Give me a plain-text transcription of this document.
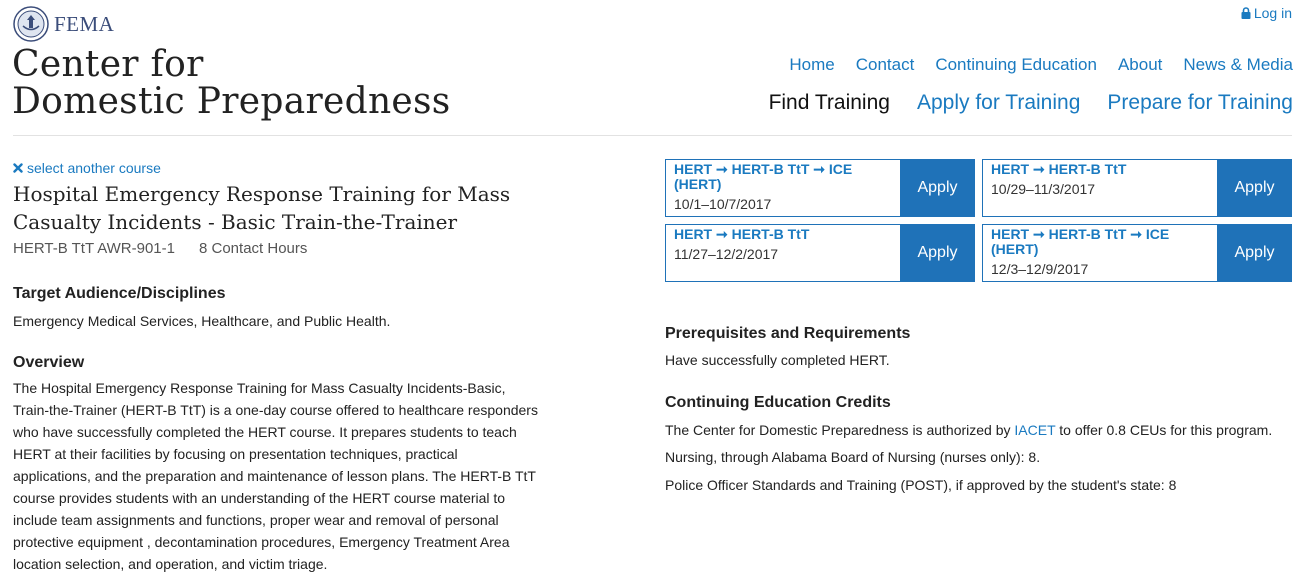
FEMA	Log in
Center for
Domestic Preparedness
Home Contact Continuing Education About News & Media
Find Training Apply for Training Prepare for Training
select another course
Hospital Emergency Response Training for Mass Casualty Incidents - Basic Train-the-Trainer
HERT-B TtT AWR-901-1 8 Contact Hours
Target Audience/Disciplines

Emergency Medical Services, Healthcare, and Public Health.

Overview

The Hospital Emergency Response Training for Mass Casualty Incidents-Basic, Train-the-Trainer (HERT-B TtT) is a one-day course offered to healthcare responders who have successfully completed the HERT course. It prepares students to teach HERT at their facilities by focusing on presentation techniques, practical applications, and the preparation and maintenance of lesson plans. The HERT-B TtT course provides students with an understanding of the HERT course material to include team assignments and functions, proper wear and removal of personal protective equipment , decontamination procedures, Emergency Treatment Area location selection, and operation, and victim triage.

HERT ➞ HERT-B TtT ➞ ICE (HERT)
10/1–10/7/2017
Apply
HERT ➞ HERT-B TtT
10/29–11/3/2017	Apply
HERT ➞ HERT-B TtT
11/27–12/2/2017	Apply
HERT ➞ HERT-B TtT ➞ ICE (HERT)
12/3–12/9/2017
Apply
Prerequisites and Requirements

Have successfully completed HERT.

Continuing Education Credits

The Center for Domestic Preparedness is authorized by IACET to offer 0.8 CEUs for this program.

Nursing, through Alabama Board of Nursing (nurses only): 8.

Police Officer Standards and Training (POST), if approved by the student's state: 8
